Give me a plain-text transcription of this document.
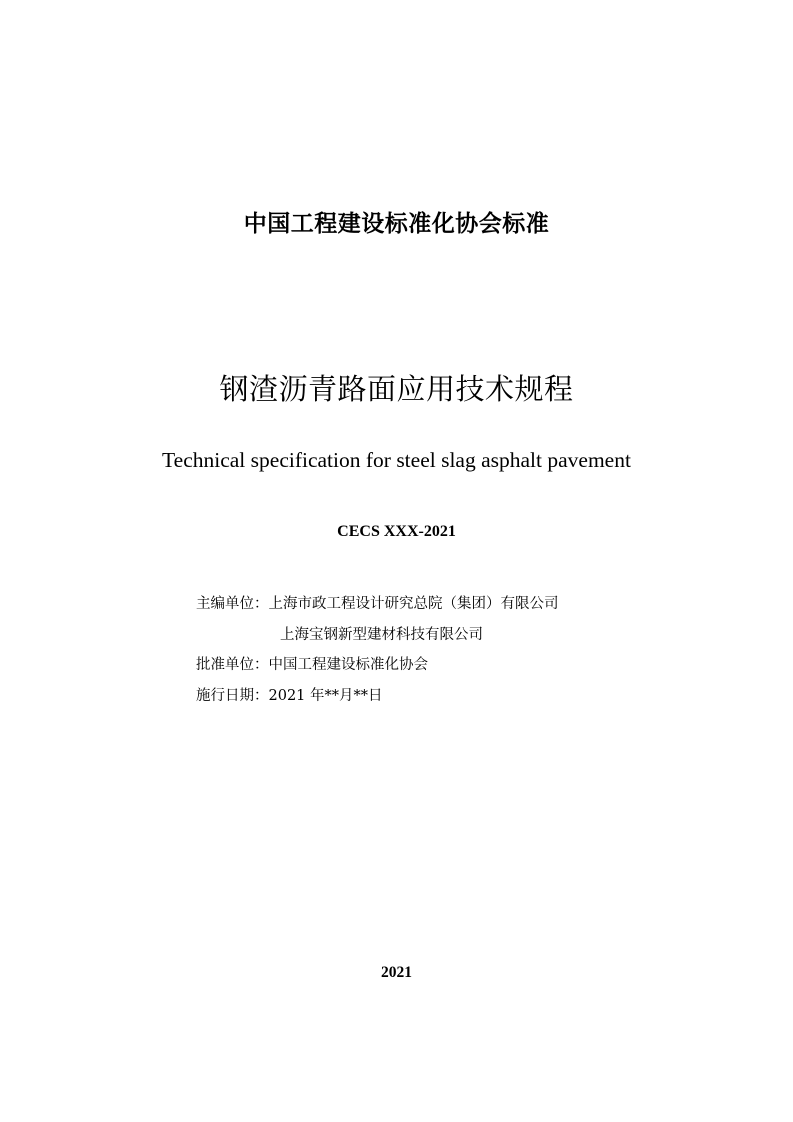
中国工程建设标准化协会标准
钢渣沥青路面应用技术规程
Technical specification for steel slag asphalt pavement
CECS XXX-2021
主编单位：上海市政工程设计研究总院（集团）有限公司
上海宝钢新型建材科技有限公司
批准单位：中国工程建设标准化协会
施行日期：2021 年**月**日
2021
